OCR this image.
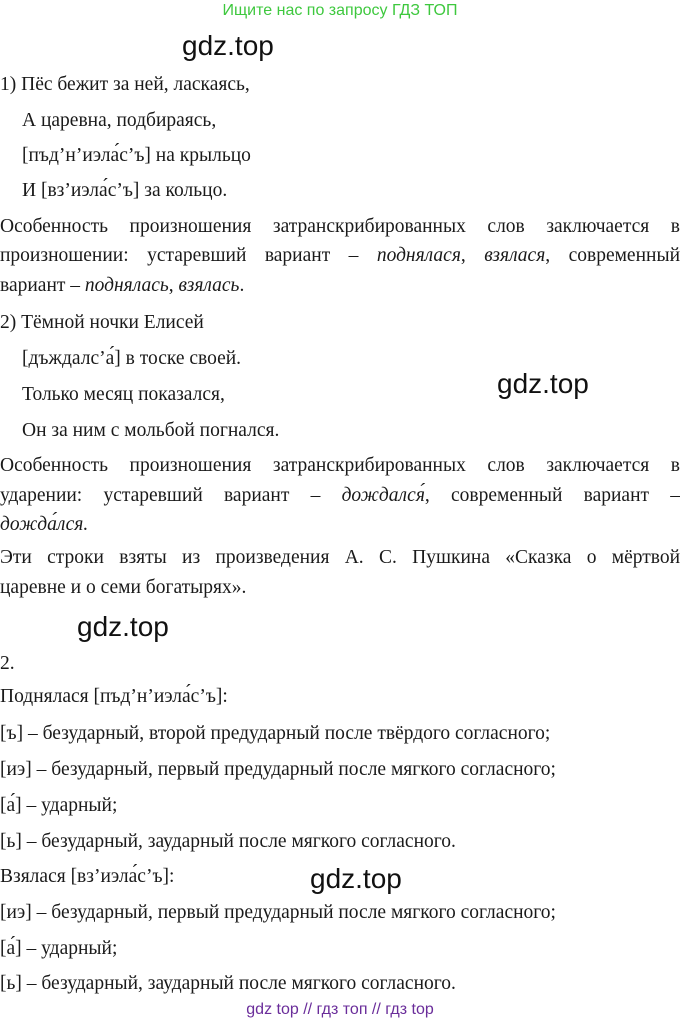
Ищите нас по запросу ГДЗ ТОП
gdz.top
gdz.top
gdz.top
gdz.top
1) Пёс бежит за ней, ласкаясь,
А царевна, подбираясь,
[пъд’н’иэла́с’ъ] на крыльцо
И [вз’иэла́с’ъ] за кольцо.
Особенность произношения затранскрибированных слов заключается в
произношении: устаревший вариант – поднялася, взялася, современный
вариант – поднялась, взялась.
2) Тёмной ночки Елисей
[дъждалс’а́] в тоске своей.
Только месяц показался,
Он за ним с мольбой погнался.
Особенность произношения затранскрибированных слов заключается в
ударении: устаревший вариант – дождался́, современный вариант –
дожда́лся.
Эти строки взяты из произведения А. С. Пушкина «Сказка о мёртвой
царевне и о семи богатырях».
2.
Поднялася [пъд’н’иэла́с’ъ]:
[ъ] – безударный, второй предударный после твёрдого согласного;
[иэ] – безударный, первый предударный после мягкого согласного;
[а́] – ударный;
[ь] – безударный, заударный после мягкого согласного.
Взялася [вз’иэла́с’ъ]:
[иэ] – безударный, первый предударный после мягкого согласного;
[а́] – ударный;
[ь] – безударный, заударный после мягкого согласного.
gdz top // гдз топ // гдз top
